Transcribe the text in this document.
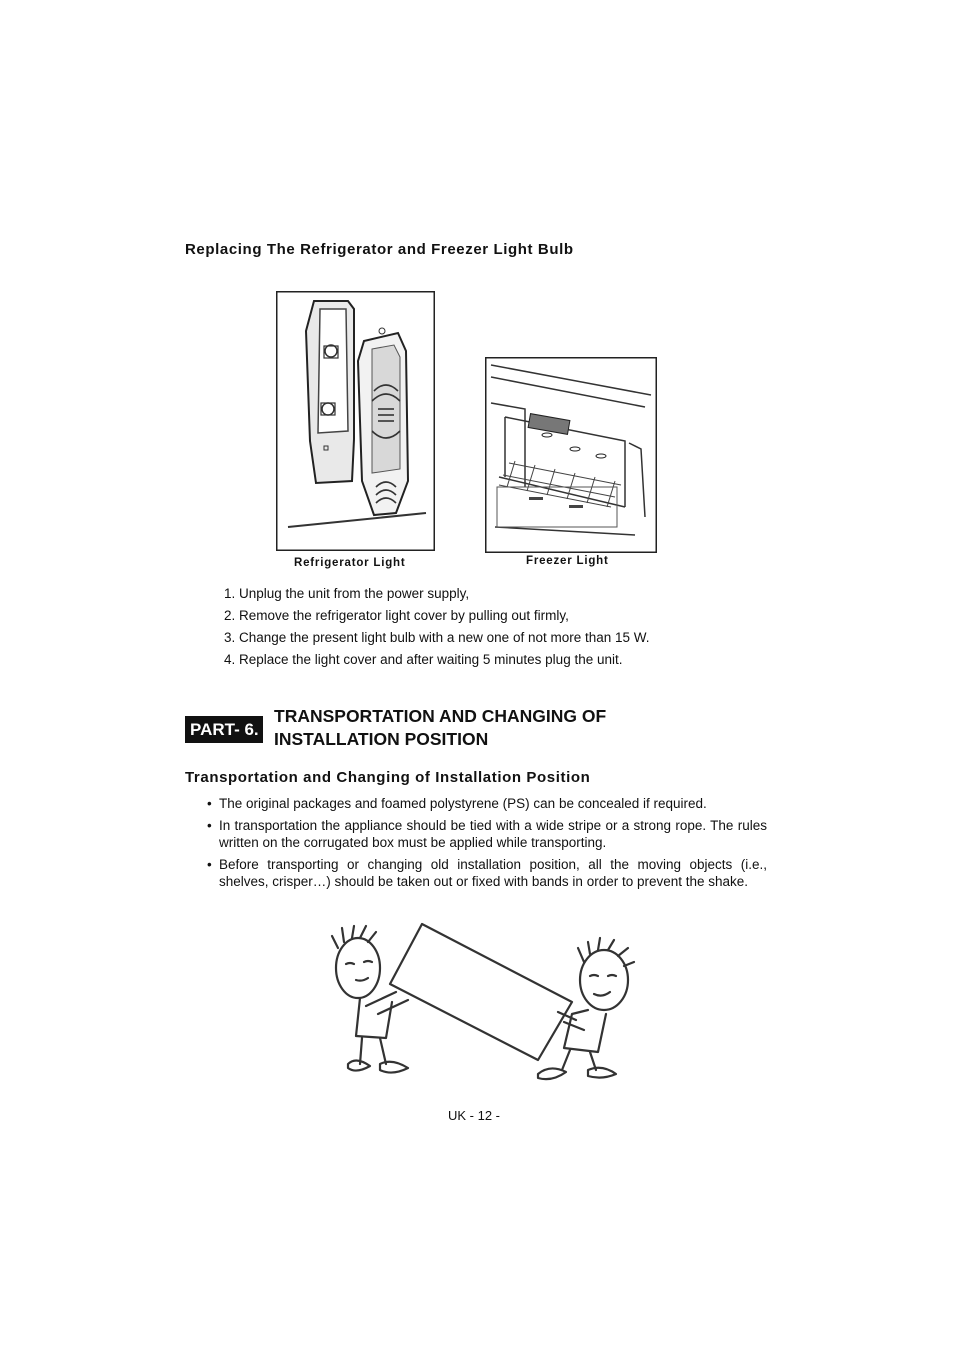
Replacing The Refrigerator and Freezer Light Bulb
Refrigerator Light	Freezer Light
1. Unplug the unit from the power supply,
2. Remove the refrigerator light cover by pulling out firmly,
3. Change the present light bulb with a new one of not more than 15 W.
4. Replace the light cover and after waiting 5 minutes plug the unit.
PART- 6.
TRANSPORTATION AND CHANGING OF
INSTALLATION POSITION
Transportation and Changing of Installation Position
• The original packages and foamed polystyrene (PS) can be concealed if required.
• In transportation the appliance should be tied with a wide stripe or a strong rope. The rules written on the corrugated box must be applied while transporting.
• Before transporting or changing old installation position, all the moving objects (i.e., shelves, crisper…) should be taken out or fixed with bands in order to prevent the shake.
UK - 12 -
